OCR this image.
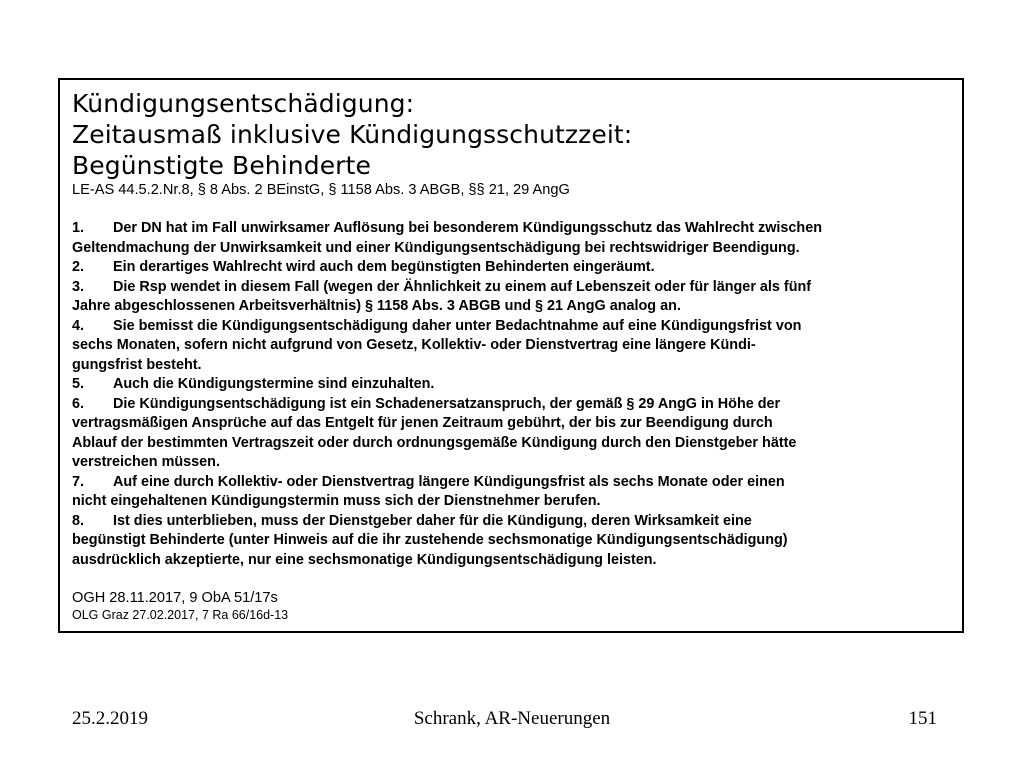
Kündigungsentschädigung:
Zeitausmaß inklusive Kündigungsschutzzeit:
Begünstigte Behinderte
LE-AS 44.5.2.Nr.8, § 8 Abs. 2 BEinstG, § 1158 Abs. 3 ABGB, §§ 21, 29 AngG
1. Der DN hat im Fall unwirksamer Auflösung bei besonderem Kündigungsschutz das Wahlrecht zwischen
Geltendmachung der Unwirksamkeit und einer Kündigungsentschädigung bei rechtswidriger Beendigung.
2. Ein derartiges Wahlrecht wird auch dem begünstigten Behinderten eingeräumt.
3. Die Rsp wendet in diesem Fall (wegen der Ähnlichkeit zu einem auf Lebenszeit oder für länger als fünf
Jahre abgeschlossenen Arbeitsverhältnis) § 1158 Abs. 3 ABGB und § 21 AngG analog an.
4. Sie bemisst die Kündigungsentschädigung daher unter Bedachtnahme auf eine Kündigungsfrist von
sechs Monaten, sofern nicht aufgrund von Gesetz, Kollektiv- oder Dienstvertrag eine längere Kündi-
gungsfrist besteht.
5. Auch die Kündigungstermine sind einzuhalten.
6. Die Kündigungsentschädigung ist ein Schadenersatzanspruch, der gemäß § 29 AngG in Höhe der
vertragsmäßigen Ansprüche auf das Entgelt für jenen Zeitraum gebührt, der bis zur Beendigung durch
Ablauf der bestimmten Vertragszeit oder durch ordnungsgemäße Kündigung durch den Dienstgeber hätte
verstreichen müssen.
7. Auf eine durch Kollektiv- oder Dienstvertrag längere Kündigungsfrist als sechs Monate oder einen
nicht eingehaltenen Kündigungstermin muss sich der Dienstnehmer berufen.
8. Ist dies unterblieben, muss der Dienstgeber daher für die Kündigung, deren Wirksamkeit eine
begünstigt Behinderte (unter Hinweis auf die ihr zustehende sechsmonatige Kündigungsentschädigung)
ausdrücklich akzeptierte, nur eine sechsmonatige Kündigungsentschädigung leisten.
OGH 28.11.2017, 9 ObA 51/17s
OLG Graz 27.02.2017, 7 Ra 66/16d-13
25.2.2019	Schrank, AR-Neuerungen	151
